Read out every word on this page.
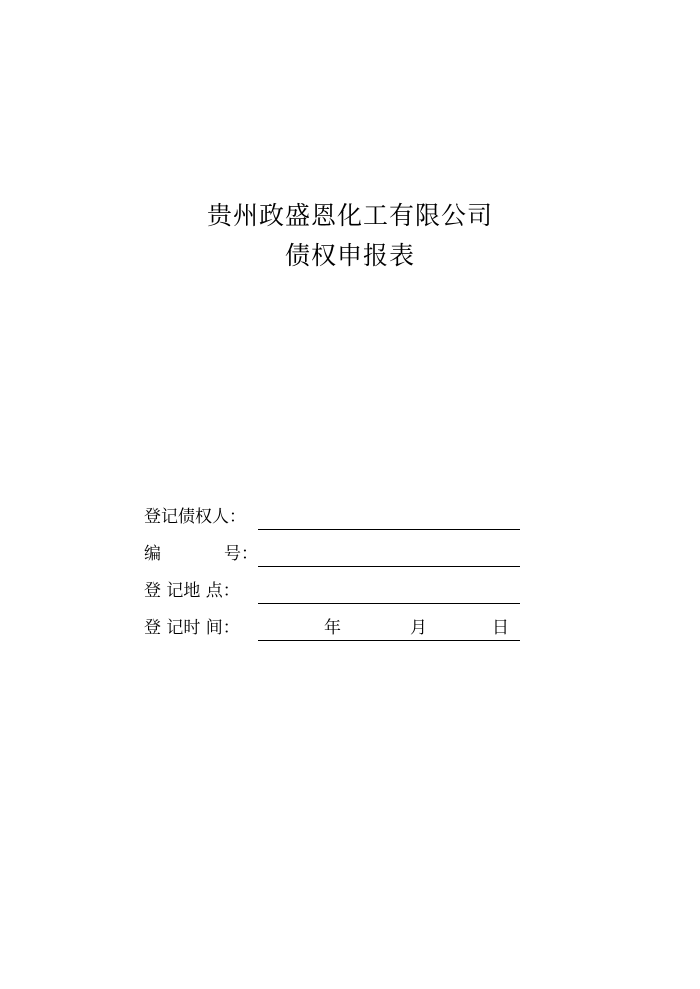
贵州政盛恩化工有限公司
债权申报表
登记债权人：
编	号：
登 记地 点：
登 记时 间：	年	月	日
